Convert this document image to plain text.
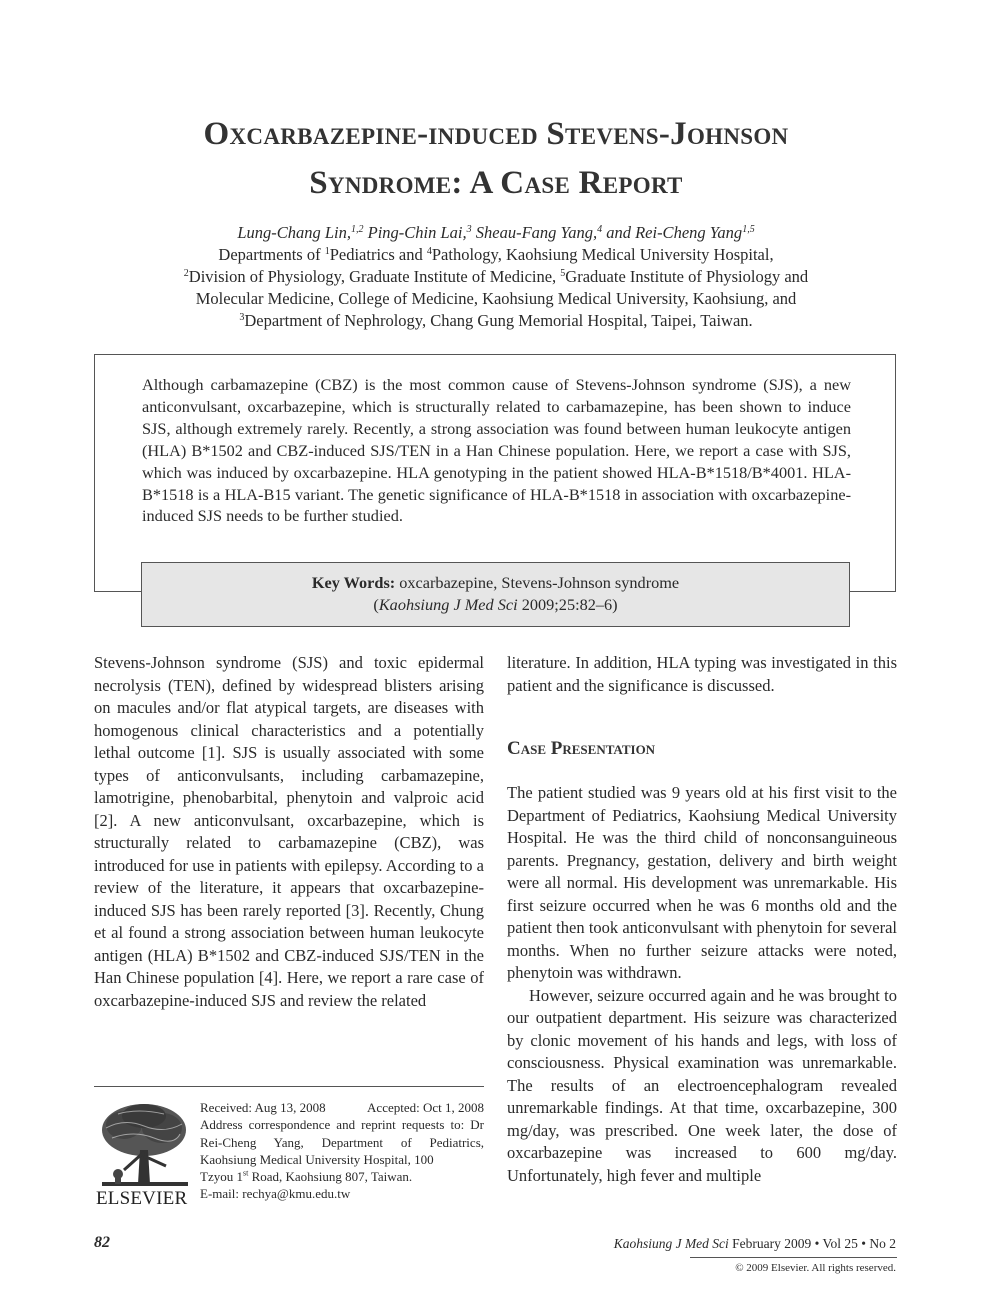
Oxcarbazepine-induced Stevens-Johnson
Syndrome: A Case Report
Lung-Chang Lin,$^{1,2}$ Ping-Chin Lai,$^3$ Sheau-Fang Yang,$^4$ and Rei-Cheng Yang$^{1,5}$
Departments of $^1$Pediatrics and $^4$Pathology, Kaohsiung Medical University Hospital,
$^2$Division of Physiology, Graduate Institute of Medicine, $^5$Graduate Institute of Physiology and
Molecular Medicine, College of Medicine, Kaohsiung Medical University, Kaohsiung, and
$^3$Department of Nephrology, Chang Gung Memorial Hospital, Taipei, Taiwan.
Although carbamazepine (CBZ) is the most common cause of Stevens-Johnson syndrome (SJS), a new anticonvulsant, oxcarbazepine, which is structurally related to carbamazepine, has been shown to induce SJS, although extremely rarely. Recently, a strong association was found between human leukocyte antigen (HLA) B*1502 and CBZ-induced SJS/TEN in a Han Chinese population. Here, we report a case with SJS, which was induced by oxcarbazepine. HLA genotyping in the patient showed HLA-B*1518/B*4001. HLA-B*1518 is a HLA-B15 variant. The genetic significance of HLA-B*1518 in association with oxcarbazepine-induced SJS needs to be further studied.
Key Words: oxcarbazepine, Stevens-Johnson syndrome
(Kaohsiung J Med Sci 2009;25:82–6)

Stevens-Johnson syndrome (SJS) and toxic epidermal necrolysis (TEN), defined by widespread blisters arising on macules and/or flat atypical targets, are diseases with homogenous clinical characteristics and a potentially lethal outcome [1]. SJS is usually associated with some types of anticonvulsants, including carbamazepine, lamotrigine, phenobarbital, phenytoin and valproic acid [2]. A new anticonvulsant, oxcarbazepine, which is structurally related to carbamazepine (CBZ), was introduced for use in patients with epilepsy. According to a review of the literature, it appears that oxcarbazepine-induced SJS has been rarely reported [3]. Recently, Chung et al found a strong association between human leukocyte antigen (HLA) B*1502 and CBZ-induced SJS/TEN in the Han Chinese population [4]. Here, we report a rare case of oxcarbazepine-induced SJS and review the related

literature. In addition, HLA typing was investigated in this patient and the significance is discussed.

Case Presentation

The patient studied was 9 years old at his first visit to the Department of Pediatrics, Kaohsiung Medical University Hospital. He was the third child of nonconsanguineous parents. Pregnancy, gestation, delivery and birth weight were all normal. His development was unremarkable. His first seizure occurred when he was 6 months old and the patient then took anticonvulsant with phenytoin for several months. When no further seizure attacks were noted, phenytoin was withdrawn.

However, seizure occurred again and he was brought to our outpatient department. His seizure was characterized by clonic movement of his hands and legs, with loss of consciousness. Physical examination was unremarkable. The results of an electroencephalogram revealed unremarkable findings. At that time, oxcarbazepine, 300 mg/day, was prescribed. One week later, the dose of oxcarbazepine was increased to 600 mg/day. Unfortunately, high fever and multiple

ELSEVIER
Received: Aug 13, 2008	Accepted: Oct 1, 2008
Address correspondence and reprint requests to: Dr Rei-Cheng Yang, Department of Pediatrics, Kaohsiung Medical University Hospital, 100
Tzyou 1st Road, Kaohsiung 807, Taiwan.
E-mail: rechya@kmu.edu.tw
82	Kaohsiung J Med Sci February 2009 • Vol 25 • No 2
© 2009 Elsevier. All rights reserved.
